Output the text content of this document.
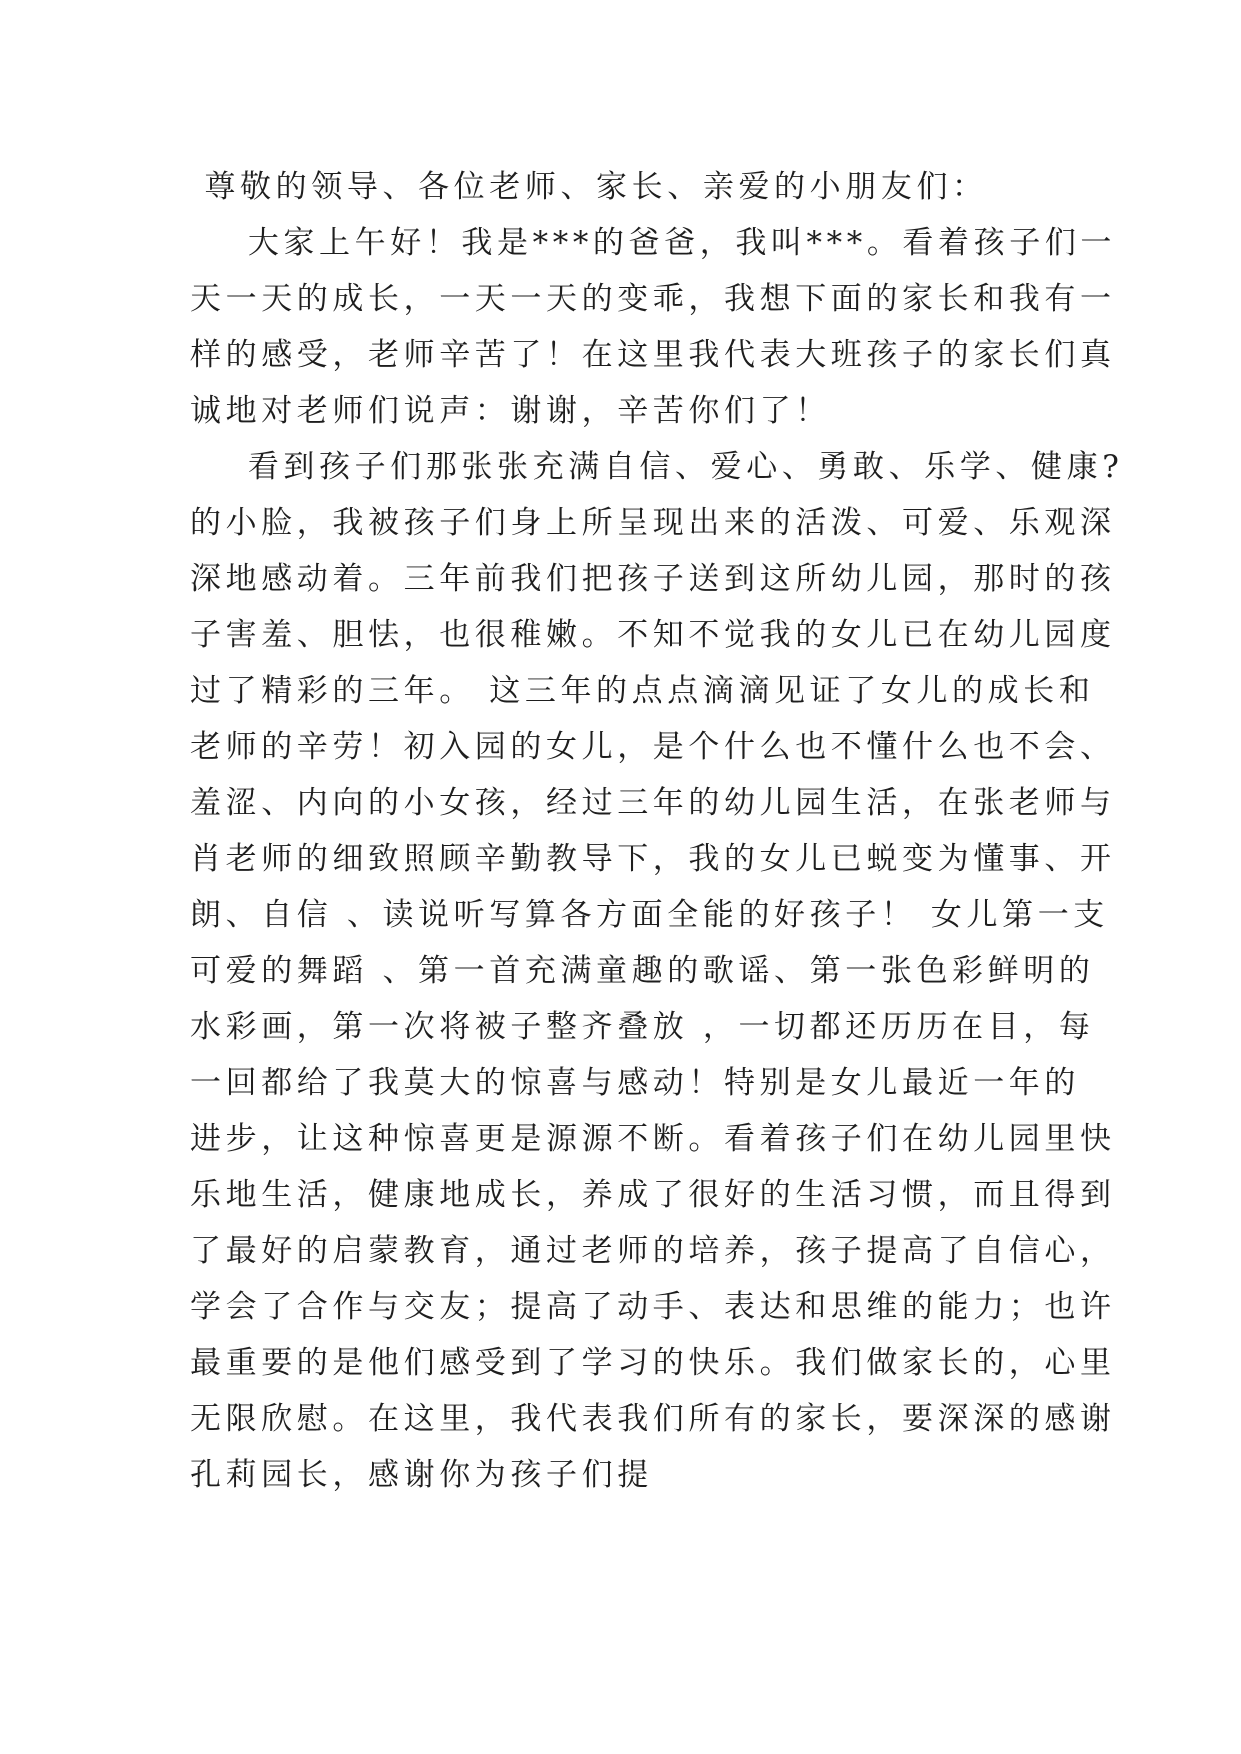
尊敬的领导、各位老师、家长、亲爱的小朋友们：
大家上午好！我是***的爸爸，我叫***。看着孩子们一
天一天的成长，一天一天的变乖，我想下面的家长和我有一
样的感受，老师辛苦了！在这里我代表大班孩子的家长们真
诚地对老师们说声：谢谢，辛苦你们了！
看到孩子们那张张充满自信、爱心、勇敢、乐学、健康?
的小脸，我被孩子们身上所呈现出来的活泼、可爱、乐观深
深地感动着。三年前我们把孩子送到这所幼儿园，那时的孩
子害羞、胆怯，也很稚嫩。不知不觉我的女儿已在幼儿园度
过了精彩的三年。 这三年的点点滴滴见证了女儿的成长和
老师的辛劳！初入园的女儿，是个什么也不懂什么也不会、
羞涩、内向的小女孩，经过三年的幼儿园生活，在张老师与
肖老师的细致照顾辛勤教导下，我的女儿已蜕变为懂事、开
朗、自信 、读说听写算各方面全能的好孩子！ 女儿第一支
可爱的舞蹈 、第一首充满童趣的歌谣、第一张色彩鲜明的
水彩画，第一次将被子整齐叠放 ，一切都还历历在目，每
一回都给了我莫大的惊喜与感动！特别是女儿最近一年的
进步，让这种惊喜更是源源不断。看着孩子们在幼儿园里快
乐地生活，健康地成长，养成了很好的生活习惯，而且得到
了最好的启蒙教育，通过老师的培养，孩子提高了自信心，
学会了合作与交友；提高了动手、表达和思维的能力；也许
最重要的是他们感受到了学习的快乐。我们做家长的，心里
无限欣慰。在这里，我代表我们所有的家长，要深深的感谢
孔莉园长，感谢你为孩子们提
